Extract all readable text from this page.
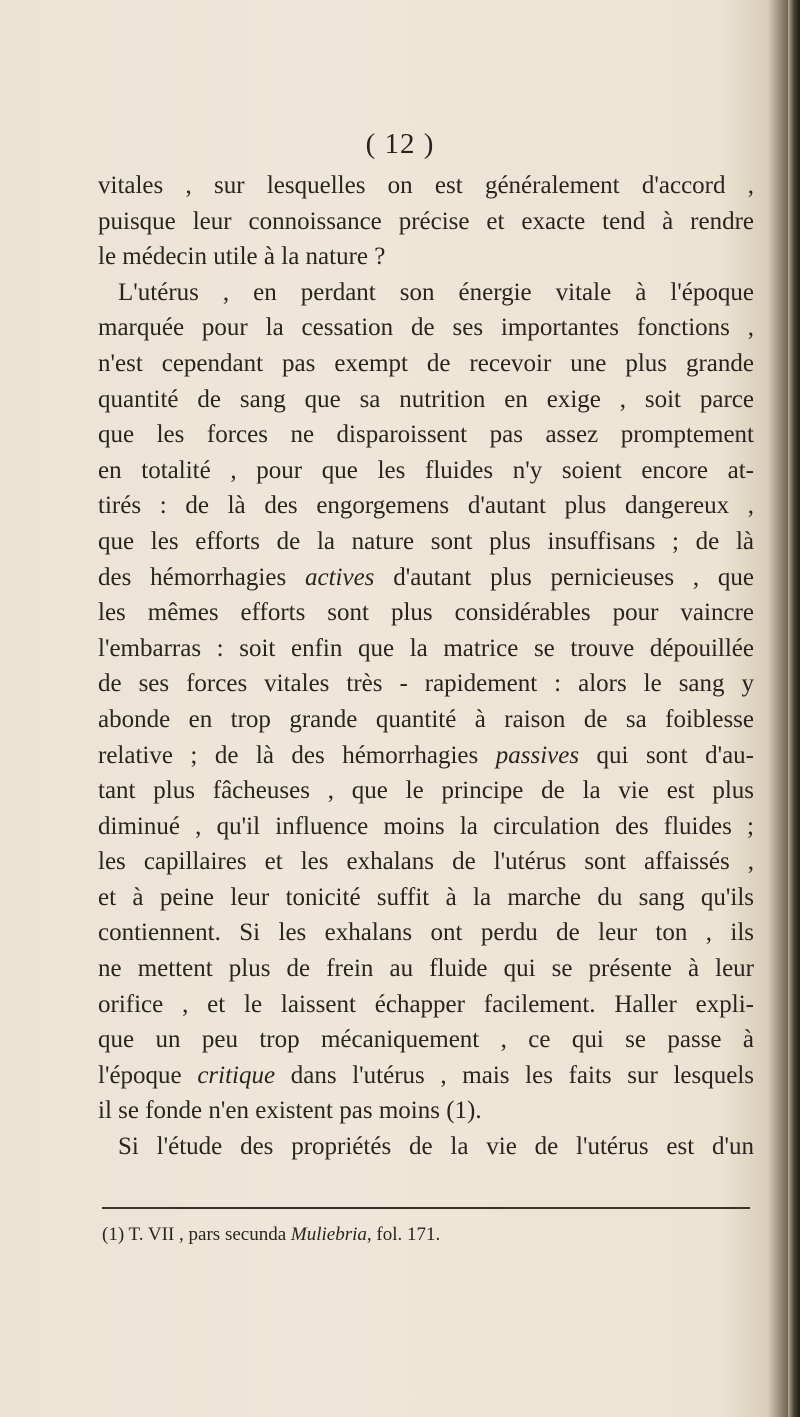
( 12 )
vitales , sur lesquelles on est généralement d'accord ,
puisque leur connoissance précise et exacte tend à rendre
le médecin utile à la nature ?
L'utérus , en perdant son énergie vitale à l'époque
marquée pour la cessation de ses importantes fonctions ,
n'est cependant pas exempt de recevoir une plus grande
quantité de sang que sa nutrition en exige , soit parce
que les forces ne disparoissent pas assez promptement
en totalité , pour que les fluides n'y soient encore at-
tirés : de là des engorgemens d'autant plus dangereux ,
que les efforts de la nature sont plus insuffisans ; de là
des hémorrhagies actives d'autant plus pernicieuses , que
les mêmes efforts sont plus considérables pour vaincre
l'embarras : soit enfin que la matrice se trouve dépouillée
de ses forces vitales très - rapidement : alors le sang y
abonde en trop grande quantité à raison de sa foiblesse
relative ; de là des hémorrhagies passives qui sont d'au-
tant plus fâcheuses , que le principe de la vie est plus
diminué , qu'il influence moins la circulation des fluides ;
les capillaires et les exhalans de l'utérus sont affaissés ,
et à peine leur tonicité suffit à la marche du sang qu'ils
contiennent. Si les exhalans ont perdu de leur ton , ils
ne mettent plus de frein au fluide qui se présente à leur
orifice , et le laissent échapper facilement. Haller expli-
que un peu trop mécaniquement , ce qui se passe à
l'époque critique dans l'utérus , mais les faits sur lesquels
il se fonde n'en existent pas moins (1).
Si l'étude des propriétés de la vie de l'utérus est d'un
(1) T. VII , pars secunda Muliebria, fol. 171.
